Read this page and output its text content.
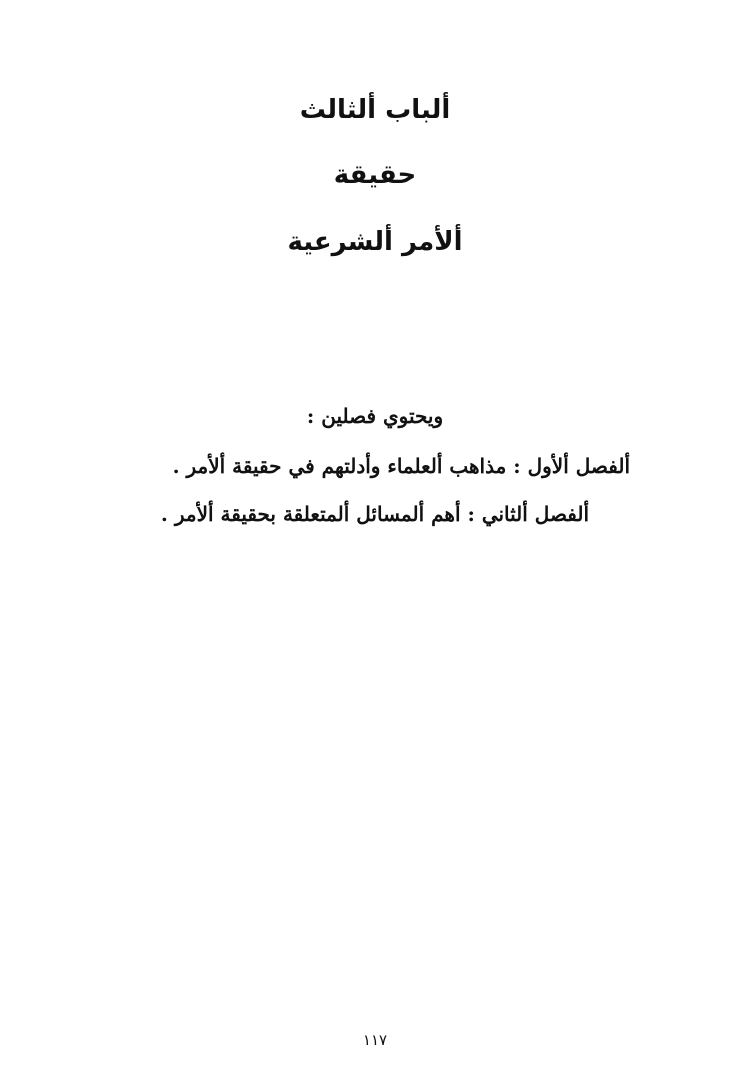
ألباب ألثالث
حقيقة
ألأمر ألشرعية
ويحتوي فصلين :
ألفصل ألأول : مذاهب ألعلماء وأدلتهم في حقيقة ألأمر .
ألفصل ألثاني : أهم ألمسائل ألمتعلقة بحقيقة ألأمر .
١١٧
